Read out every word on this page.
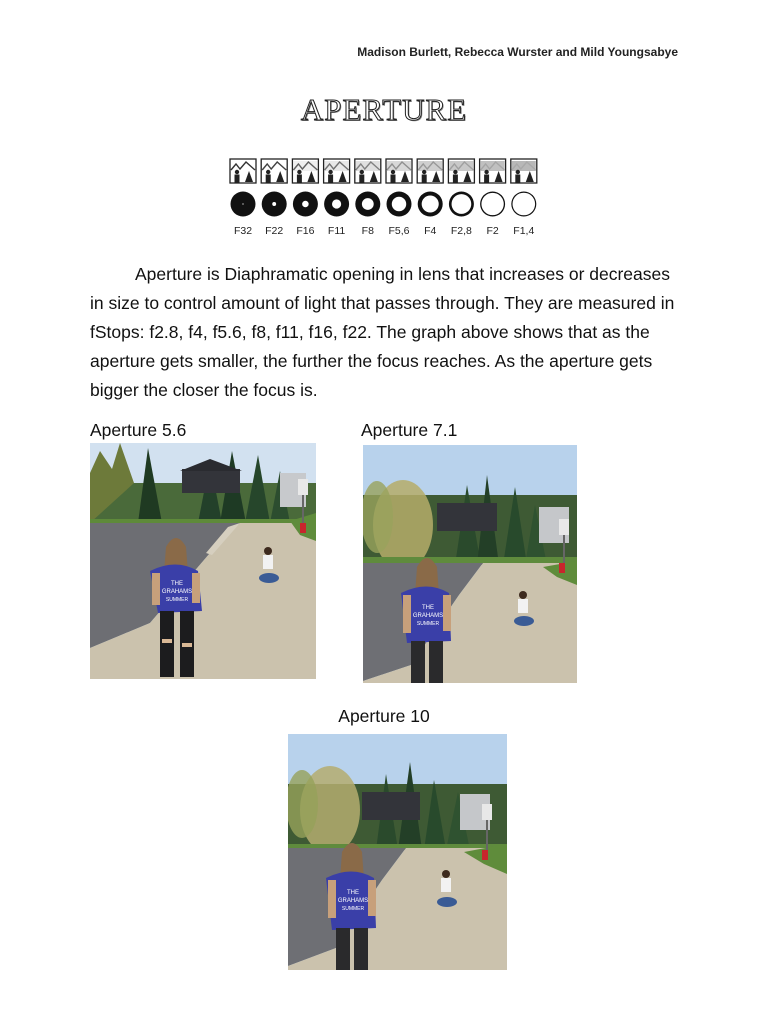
Madison Burlett, Rebecca Wurster and Mild Youngsabye
APERTURE
F32 F22 F16 F11 F8 F5,6 F4 F2,8 F2 F1,4
Aperture is Diaphramatic opening in lens that increases or decreases in size to control amount of light that passes through. They are measured in fStops: f2.8, f4, f5.6, f8, f11, f16, f22. The graph above shows that as the aperture gets smaller, the further the focus reaches. As the aperture gets bigger the closer the focus is.
Aperture 5.6	Aperture 7.1
Aperture 10
THE
GRAHAMS
SUMMER
THE
GRAHAMS
SUMMER
THE
GRAHAMS
SUMMER
